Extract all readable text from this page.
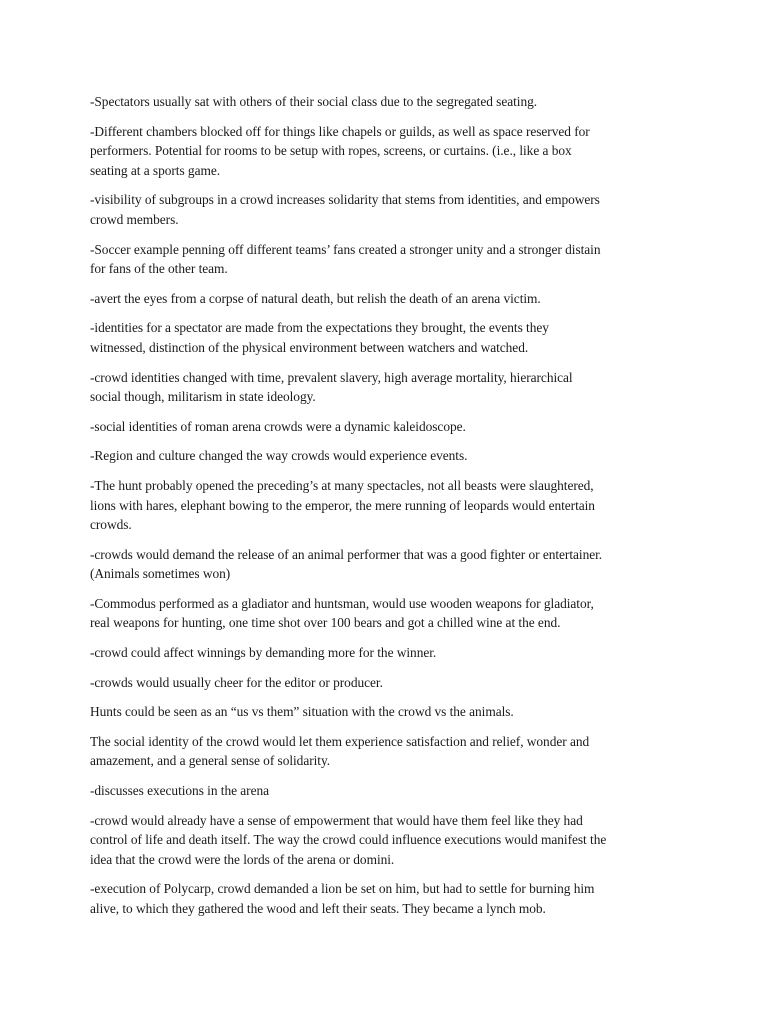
-Spectators usually sat with others of their social class due to the segregated seating.

-Different chambers blocked off for things like chapels or guilds, as well as space reserved for
performers. Potential for rooms to be setup with ropes, screens, or curtains. (i.e., like a box
seating at a sports game.

-visibility of subgroups in a crowd increases solidarity that stems from identities, and empowers
crowd members.

-Soccer example penning off different teams’ fans created a stronger unity and a stronger distain
for fans of the other team.

-avert the eyes from a corpse of natural death, but relish the death of an arena victim.

-identities for a spectator are made from the expectations they brought, the events they
witnessed, distinction of the physical environment between watchers and watched.

-crowd identities changed with time, prevalent slavery, high average mortality, hierarchical
social though, militarism in state ideology.

-social identities of roman arena crowds were a dynamic kaleidoscope.

-Region and culture changed the way crowds would experience events.

-The hunt probably opened the preceding’s at many spectacles, not all beasts were slaughtered,
lions with hares, elephant bowing to the emperor, the mere running of leopards would entertain
crowds.

-crowds would demand the release of an animal performer that was a good fighter or entertainer.
(Animals sometimes won)

-Commodus performed as a gladiator and huntsman, would use wooden weapons for gladiator,
real weapons for hunting, one time shot over 100 bears and got a chilled wine at the end.

-crowd could affect winnings by demanding more for the winner.

-crowds would usually cheer for the editor or producer.

Hunts could be seen as an “us vs them” situation with the crowd vs the animals.

The social identity of the crowd would let them experience satisfaction and relief, wonder and
amazement, and a general sense of solidarity.

-discusses executions in the arena

-crowd would already have a sense of empowerment that would have them feel like they had
control of life and death itself. The way the crowd could influence executions would manifest the
idea that the crowd were the lords of the arena or domini.

-execution of Polycarp, crowd demanded a lion be set on him, but had to settle for burning him
alive, to which they gathered the wood and left their seats. They became a lynch mob.
